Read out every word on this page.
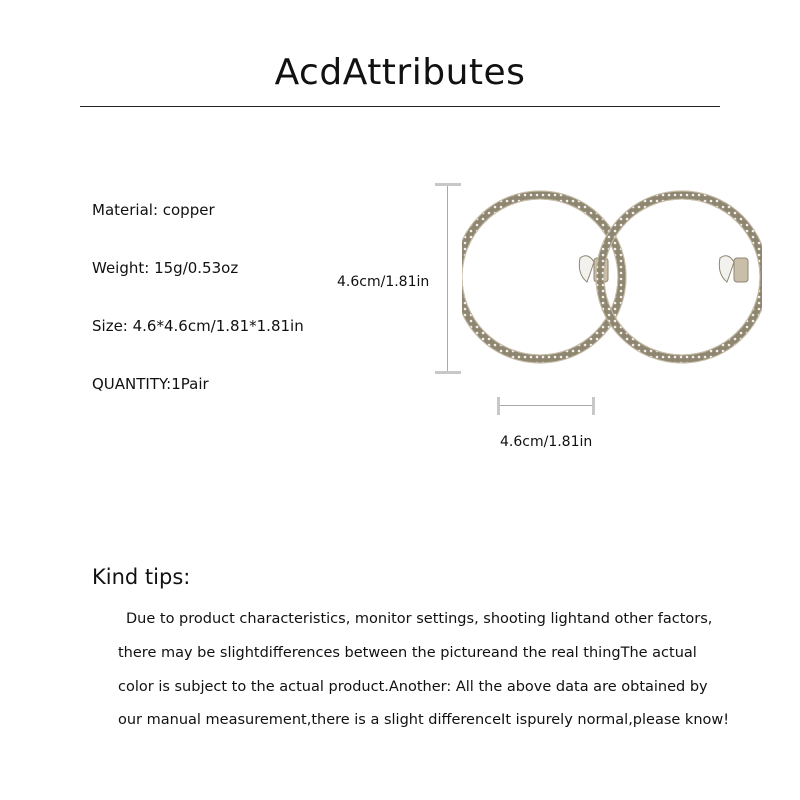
AcdAttributes
Material: copper
Weight: 15g/0.53oz
Size: 4.6*4.6cm/1.81*1.81in
QUANTITY:1Pair
4.6cm/1.81in
4.6cm/1.81in
Kind tips:
Due to product characteristics, monitor settings, shooting lightand other factors,
there may be slightdifferences between the pictureand the real thingThe actual
color is subject to the actual product.Another: All the above data are obtained by
our manual measurement,there is a slight differenceIt ispurely normal,please know!
